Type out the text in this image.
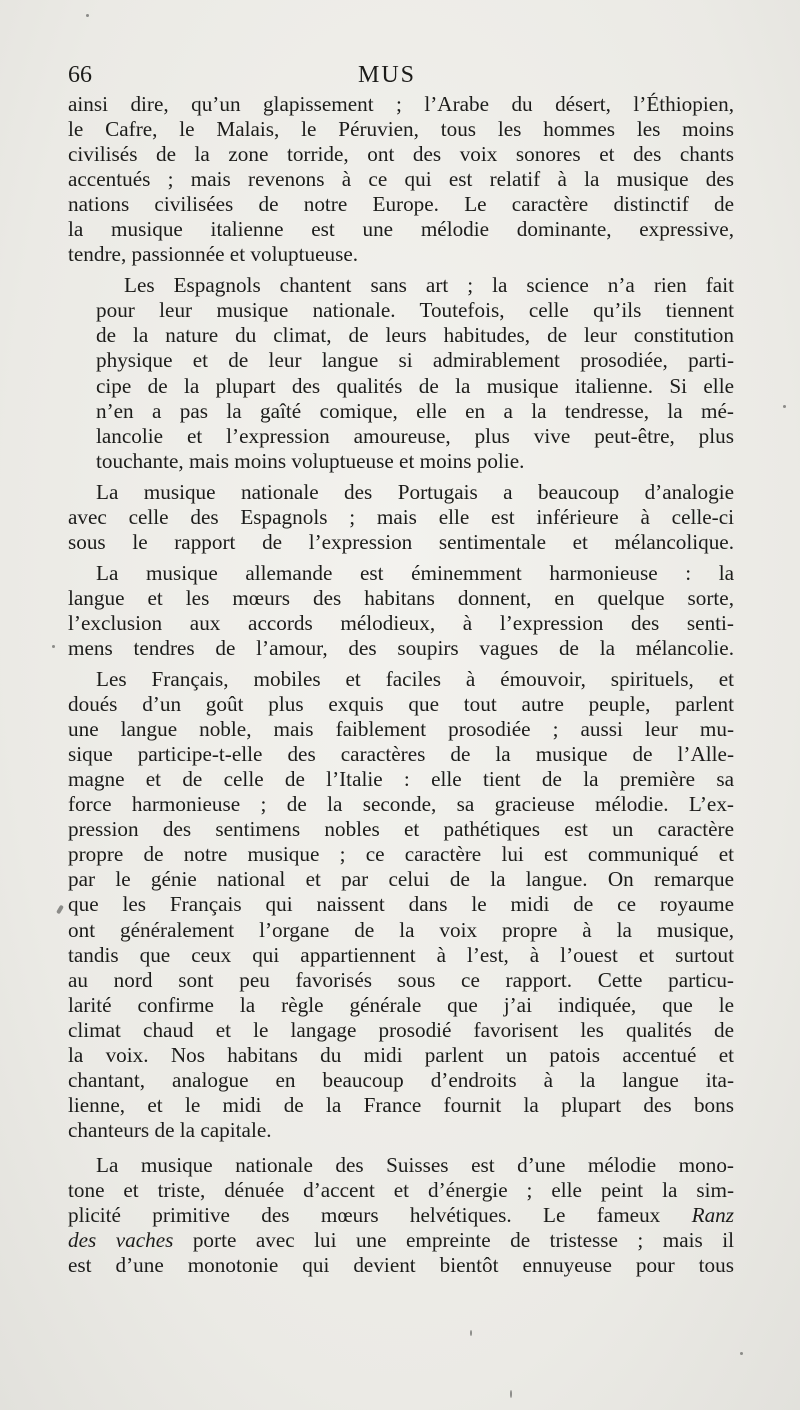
66	MUS

ainsi dire, qu’un glapissement ; l’Arabe du désert, l’Éthiopien,
le Cafre, le Malais, le Péruvien, tous les hommes les moins
civilisés de la zone torride, ont des voix sonores et des chants
accentués ; mais revenons à ce qui est relatif à la musique des
nations civilisées de notre Europe. Le caractère distinctif de
la musique italienne est une mélodie dominante, expressive,
tendre, passionnée et voluptueuse.

Les Espagnols chantent sans art ; la science n’a rien fait
pour leur musique nationale. Toutefois, celle qu’ils tiennent
de la nature du climat, de leurs habitudes, de leur constitution
physique et de leur langue si admirablement prosodiée, parti-
cipe de la plupart des qualités de la musique italienne. Si elle
n’en a pas la gaîté comique, elle en a la tendresse, la mé-
lancolie et l’expression amoureuse, plus vive peut-être, plus
touchante, mais moins voluptueuse et moins polie.

La musique nationale des Portugais a beaucoup d’analogie
avec celle des Espagnols ; mais elle est inférieure à celle-ci
sous le rapport de l’expression sentimentale et mélancolique.

La musique allemande est éminemment harmonieuse : la
langue et les mœurs des habitans donnent, en quelque sorte,
l’exclusion aux accords mélodieux, à l’expression des senti-
mens tendres de l’amour, des soupirs vagues de la mélancolie.

Les Français, mobiles et faciles à émouvoir, spirituels, et
doués d’un goût plus exquis que tout autre peuple, parlent
une langue noble, mais faiblement prosodiée ; aussi leur mu-
sique participe-t-elle des caractères de la musique de l’Alle-
magne et de celle de l’Italie : elle tient de la première sa
force harmonieuse ; de la seconde, sa gracieuse mélodie. L’ex-
pression des sentimens nobles et pathétiques est un caractère
propre de notre musique ; ce caractère lui est communiqué et
par le génie national et par celui de la langue. On remarque
que les Français qui naissent dans le midi de ce royaume
ont généralement l’organe de la voix propre à la musique,
tandis que ceux qui appartiennent à l’est, à l’ouest et surtout
au nord sont peu favorisés sous ce rapport. Cette particu-
larité confirme la règle générale que j’ai indiquée, que le
climat chaud et le langage prosodié favorisent les qualités de
la voix. Nos habitans du midi parlent un patois accentué et
chantant, analogue en beaucoup d’endroits à la langue ita-
lienne, et le midi de la France fournit la plupart des bons
chanteurs de la capitale.

La musique nationale des Suisses est d’une mélodie mono-
tone et triste, dénuée d’accent et d’énergie ; elle peint la sim-
plicité primitive des mœurs helvétiques. Le fameux Ranz
des vaches porte avec lui une empreinte de tristesse ; mais il
est d’une monotonie qui devient bientôt ennuyeuse pour tous
